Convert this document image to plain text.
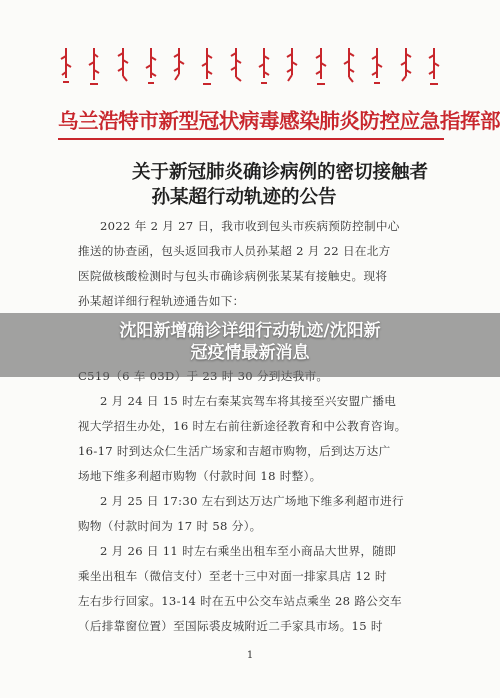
乌兰浩特市新型冠状病毒感染肺炎防控应急指挥部
关于新冠肺炎确诊病例的密切接触者
孙某超行动轨迹的公告
2022 年 2 月 27 日，我市收到包头市疾病预防控制中心
推送的协查函，包头返回我市人员孙某超 2 月 22 日在北方
医院做核酸检测时与包头市确诊病例张某某有接触史。现将
孙某超详细行程轨迹通告如下：
2 月 24 日 15 时左右秦某宾驾车将其接至兴安盟广播电
视大学招生办处，16 时左右前往新途径教育和中公教育咨询。
16-17 时到达众仁生活广场家和吉超市购物，后到达万达广
场地下维多利超市购物（付款时间 18 时整）。
2 月 25 日 17:30 左右到达万达广场地下维多利超市进行
购物（付款时间为 17 时 58 分）。
2 月 26 日 11 时左右乘坐出租车至小商品大世界，随即
乘坐出租车（微信支付）至老十三中对面一排家具店 12 时
左右步行回家。13-14 时在五中公交车站点乘坐 28 路公交车
（后排靠窗位置）至国际裘皮城附近二手家具市场。15 时
1
沈阳新增确诊详细行动轨迹/沈阳新
冠疫情最新消息
